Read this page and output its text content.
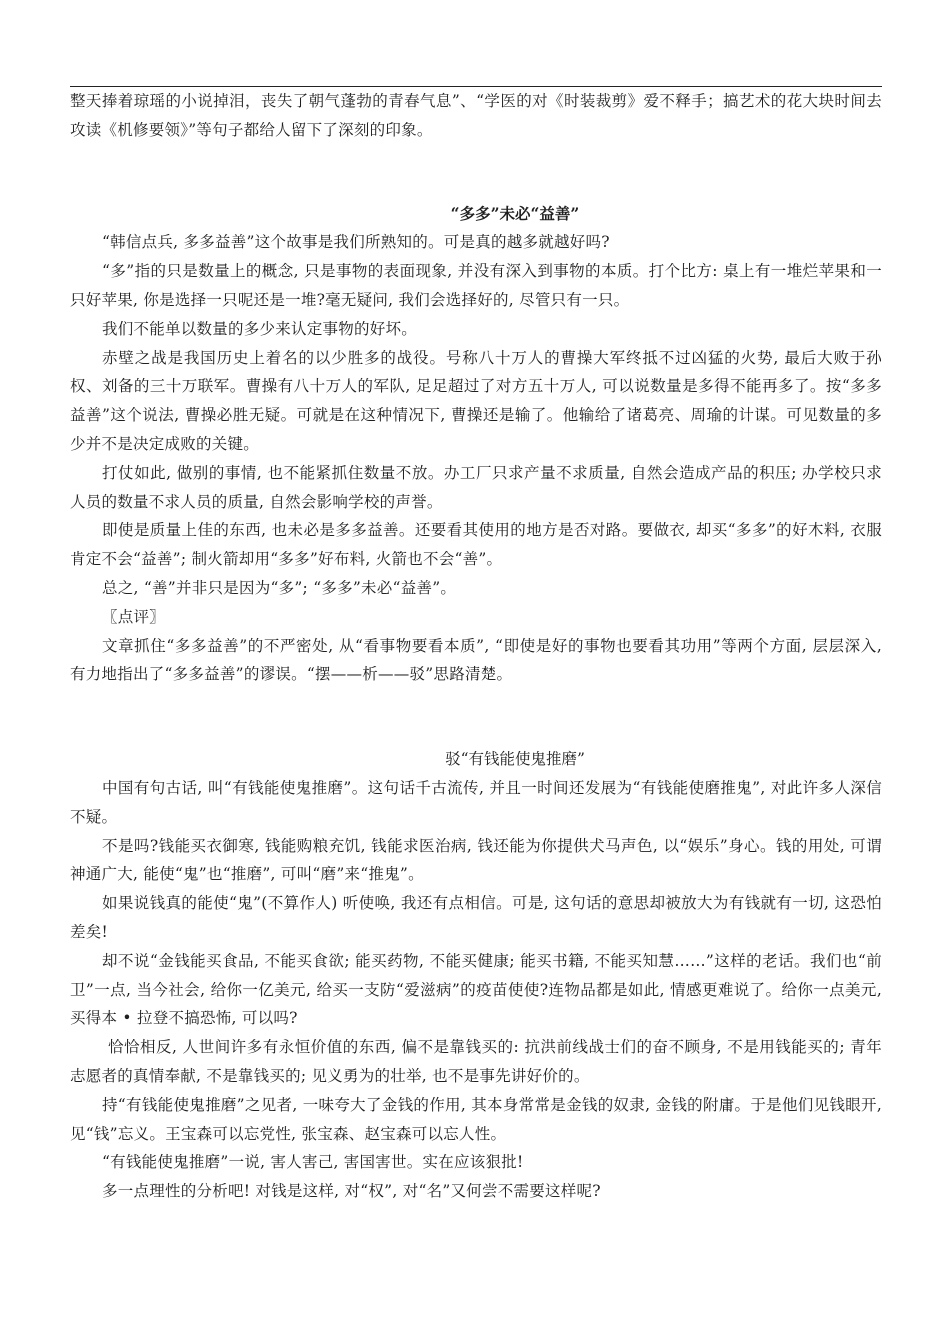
整天捧着琼瑶的小说掉泪，丧失了朝气蓬勃的青春气息”、“学医的对《时装裁剪》爱不释手；搞艺术的花大块时间去攻读《机修要领》”等句子都给人留下了深刻的印象。

“多多”未必“益善”

“韩信点兵, 多多益善”这个故事是我们所熟知的。可是真的越多就越好吗?

“多”指的只是数量上的概念, 只是事物的表面现象, 并没有深入到事物的本质。打个比方: 桌上有一堆烂苹果和一只好苹果, 你是选择一只呢还是一堆?毫无疑问, 我们会选择好的, 尽管只有一只。

我们不能单以数量的多少来认定事物的好坏。

赤壁之战是我国历史上着名的以少胜多的战役。号称八十万人的曹操大军终抵不过凶猛的火势, 最后大败于孙权、刘备的三十万联军。曹操有八十万人的军队, 足足超过了对方五十万人, 可以说数量是多得不能再多了。按“多多益善”这个说法, 曹操必胜无疑。可就是在这种情况下, 曹操还是输了。他输给了诸葛亮、周瑜的计谋。可见数量的多少并不是决定成败的关键。

打仗如此, 做别的事情, 也不能紧抓住数量不放。办工厂只求产量不求质量, 自然会造成产品的积压; 办学校只求人员的数量不求人员的质量, 自然会影响学校的声誉。

即使是质量上佳的东西, 也未必是多多益善。还要看其使用的地方是否对路。要做衣, 却买“多多”的好木料, 衣服肯定不会“益善”; 制火箭却用“多多”好布料, 火箭也不会“善”。

总之, “善”并非只是因为“多”; “多多”未必“益善”。

〖点评〗

文章抓住“多多益善”的不严密处, 从“看事物要看本质”, “即使是好的事物也要看其功用”等两个方面, 层层深入, 有力地指出了“多多益善”的谬误。“摆——析——驳”思路清楚。

驳“有钱能使鬼推磨”

中国有句古话, 叫“有钱能使鬼推磨”。这句话千古流传, 并且一时间还发展为“有钱能使磨推鬼”, 对此许多人深信不疑。

不是吗?钱能买衣御寒, 钱能购粮充饥, 钱能求医治病, 钱还能为你提供犬马声色, 以“娱乐”身心。钱的用处, 可谓神通广大, 能使“鬼”也“推磨”, 可叫“磨”来“推鬼”。

如果说钱真的能使“鬼”(不算作人) 听使唤, 我还有点相信。可是, 这句话的意思却被放大为有钱就有一切, 这恐怕差矣!

却不说“金钱能买食品, 不能买食欲; 能买药物, 不能买健康; 能买书籍, 不能买知慧……”这样的老话。我们也“前卫”一点, 当今社会, 给你一亿美元, 给买一支防“爱滋病”的疫苗使使?连物品都是如此, 情感更难说了。给你一点美元, 买得本 • 拉登不搞恐怖, 可以吗?

恰恰相反, 人世间许多有永恒价值的东西, 偏不是靠钱买的: 抗洪前线战士们的奋不顾身, 不是用钱能买的; 青年志愿者的真情奉献, 不是靠钱买的; 见义勇为的壮举, 也不是事先讲好价的。

持“有钱能使鬼推磨”之见者, 一味夸大了金钱的作用, 其本身常常是金钱的奴隶, 金钱的附庸。于是他们见钱眼开, 见“钱”忘义。王宝森可以忘党性, 张宝森、赵宝森可以忘人性。

“有钱能使鬼推磨”一说, 害人害己, 害国害世。实在应该狠批!

多一点理性的分析吧! 对钱是这样, 对“权”, 对“名”又何尝不需要这样呢?
